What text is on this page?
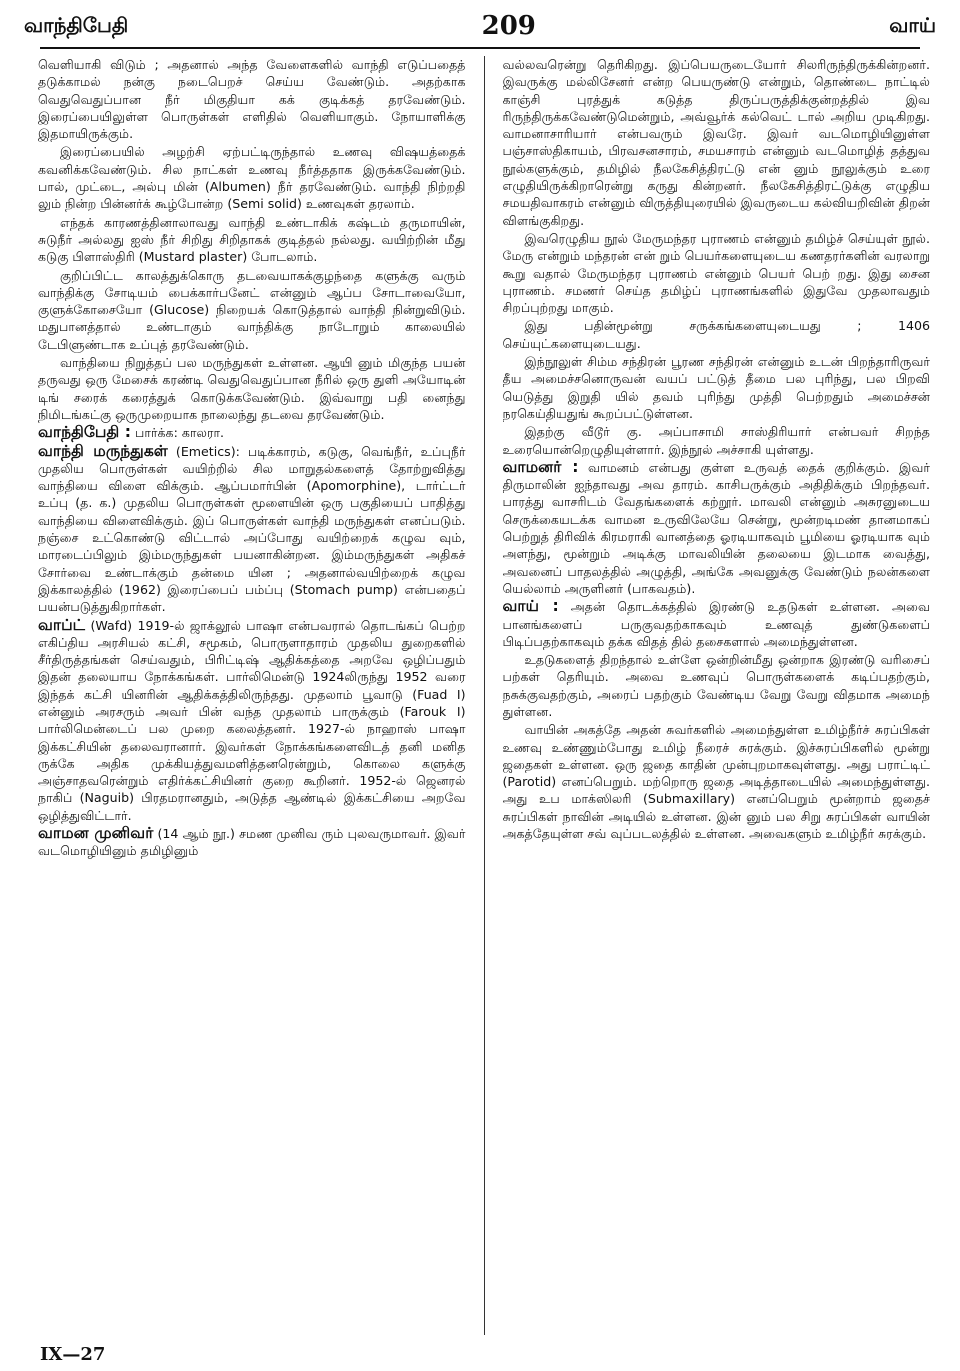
வாந்திபேதி	209	வாய்

வெளியாகி விடும் ; அதனால் அந்த வேளைகளில் வாந்தி எடுப்பதைத் தடுக்காமல் நன்கு நடைபெறச் செய்ய வேண்டும். அதற்காக வெதுவெதுப்பான நீர் மிகுதியா கக் குடிக்கத் தரவேண்டும். இரைப்பையிலுள்ள பொருள்கள் எளிதில் வெளியாகும். நோயாளிக்கு இதமாயிருக்கும்.

இரைப்பையில் அழற்சி ஏற்பட்டிருந்தால் உணவு விஷயத்தைக் கவனிக்கவேண்டும். சில நாட்கள் உணவு நீர்த்ததாக இருக்கவேண்டும். பால், முட்டை, அல்பு மின் (Albumen) நீர் தரவேண்டும். வாந்தி நிற்றதி லும் நின்ற பின்னர்க் கூழ்போன்ற (Semi solid) உணவுகள் தரலாம்.

எந்தக் காரணத்தினாலாவது வாந்தி உண்டாகிக் கஷ்டம் தருமாயின், சுடுநீர் அல்லது ஐஸ் நீர் சிறிது சிறிதாகக் குடித்தல் நல்லது. வயிற்றின் மீது கடுகு பிளாஸ்திரி (Mustard plaster) போடலாம்.

குறிப்பிட்ட காலத்துக்கொரு தடவையாகக்குழந்தை களுக்கு வரும் வாந்திக்கு சோடியம் பைக்கார்பனேட் என்னும் ஆப்ப சோடாவையோ, குளுக்கோசையோ (Glucose) நிறையக் கொடுத்தால் வாந்தி நின்றுவிடும். மதுபானத்தால் உண்டாகும் வாந்திக்கு நாடோறும் காலையில் டேபிளுண்டாக உப்புத் தரவேண்டும்.

வாந்தியை நிறுத்தப் பல மருந்துகள் உள்ளன. ஆயி னும் மிகுந்த பயன் தருவது ஒரு மேசைக் கரண்டி வெதுவெதுப்பான நீரில் ஒரு துளி அயோடின் டிங் சரைக் கரைத்துக் கொடுக்கவேண்டும். இவ்வாறு பதி னைந்து நிமிடங்கட்கு ஒருமுறையாக நாலைந்து தடவை தரவேண்டும்.

வாந்திபேதி : பார்க்க: காலரா.

வாந்தி மருந்துகள் (Emetics): படிக்காரம், கடுகு, வெங்நீர், உப்புநீர் முதலிய பொருள்கள் வயிற்றில் சில மாறுதல்களைத் தோற்றுவித்து வாந்தியை விளை விக்கும். ஆப்பமார்பின் (Apomorphine), டார்ட்டர் உப்பு (த. க.) முதலிய பொருள்கள் மூளையின் ஒரு பகுதியைப் பாதித்து வாந்தியை விளைவிக்கும். இப் பொருள்கள் வாந்தி மருந்துகள் எனப்படும். நஞ்சை உட்கொண்டு விட்டால் அப்போது வயிற்றைக் கழுவ வும், மாரடைப்பிலும் இம்மருந்துகள் பயனாகின்றன. இம்மருந்துகள் அதிகச் சோர்வை உண்டாக்கும் தன்மை யின ; அதனால்வயிற்றைக் கழுவ இக்காலத்தில் (1962) இரைப்பைப் பம்ப்பு (Stomach pump) என்பதைப் பயன்படுத்துகிறார்கள்.

வாப்ட் (Wafd) 1919-ல் ஜாக்லூல் பாஷா என்பவரால் தொடங்கப் பெற்ற எகிப்திய அரசியல் கட்சி, சமூகம், பொருளாதாரம் முதலிய துறைகளில் சீர்திருத்தங்கள் செய்வதும், பிரிட்டிஷ் ஆதிக்கத்தை அறவே ஒழிப்பதும் இதன் தலையாய நோக்கங்கள். பார்லிமென்டு 1924லிருந்து 1952 வரை இந்தக் கட்சி யினரின் ஆதிக்கத்திலிருந்தது. முதலாம் பூவாடு (Fuad I) என்னும் அரசரும் அவர் பின் வந்த முதலாம் பாருக்கும் (Farouk I) பார்லிமென்டைப் பல முறை கலைத்தனர். 1927-ல் நாஹாஸ் பாஷா இக்கட்சியின் தலைவரானார். இவர்கள் நோக்கங்களைவிடத் தனி மனித ருக்கே அதிக முக்கியத்துவமளித்தனரென்றும், கொலை களுக்கு அஞ்சாதவரென்றும் எதிர்க்கட்சியினர் குறை கூறினர். 1952-ல் ஜெனரல் நாகிப் (Naguib) பிரதமரானதும், அடுத்த ஆண்டில் இக்கட்சியை அறவே ஒழித்துவிட்டார்.

வாமன முனிவர் (14 ஆம் நூ.) சமண முனிவ ரும் புலவருமாவர். இவர் வடமொழியினும் தமிழினும்

வல்லவரென்று தெரிகிறது. இப்பெயருடையோர் சிலரிருந்திருக்கின்றனர். இவருக்கு மல்லிசேனர் என்ற பெயருண்டு என்றும், தொண்டை நாட்டில் காஞ்சி புரத்துக் கடுத்த திருப்பருத்திக்குன்றத்தில் இவ ரிருந்திருக்கவேண்டுமென்றும், அவ்வூர்க் கல்வெட் டால் அறிய முடிகிறது. வாமனாசாரியார் என்பவரும் இவரே. இவர் வடமொழியினுள்ள பஞ்சாஸ்திகாயம், பிரவசனசாரம், சமயசாரம் என்னும் வடமொழித் தத்துவ நூல்களுக்கும், தமிழில் நீலகேசித்திரட்டு என் னும் நூலுக்கும் உரை எழுதியிருக்கிறாரென்று கருது கின்றனர். நீலகேசித்திரட்டுக்கு எழுதிய சமயதிவாகரம் என்னும் விருத்தியுரையில் இவருடைய கல்வியறிவின் திறன் விளங்குகிறது.

இவரெழுதிய நூல் மேருமந்தர புராணம் என்னும் தமிழ்ச் செய்யுள் நூல். மேரு என்றும் மந்தரன் என் றும் பெயர்களையுடைய கணதரர்களின் வரலாறு கூறு வதால் மேருமந்தர புராணம் என்னும் பெயர் பெற் றது. இது சைன புராணம். சமணர் செய்த தமிழ்ப் புராணங்களில் இதுவே முதலாவதும் சிறப்புற்றது மாகும்.

இது பதின்மூன்று சருக்கங்களையுடையது ; 1406 செய்யுட்களையுடையது.

இந்நூலுள் சிம்ம சந்திரன் பூரண சந்திரன் என்னும் உடன் பிறந்தாரிருவர் தீய அமைச்சனொருவன் வயப் பட்டுத் தீமை பல புரிந்து, பல பிறவி யெடுத்து இறுதி யில் தவம் புரிந்து முத்தி பெற்றதும் அமைச்சன் நரகெய்தியதுங் கூறப்பட்டுள்ளன.

இதற்கு வீடூர் கு. அப்பாசாமி சாஸ்திரியார் என்பவர் சிறந்த உரையொன்றெழுதியுள்ளார். இந்நூல் அச்சாகி யுள்ளது.

வாமனர் : வாமனம் என்பது குள்ள உருவத் தைக் குறிக்கும். இவர் திருமாலின் ஐந்தாவது அவ தாரம். காசிபருக்கும் அதிதிக்கும் பிறந்தவர். பாரத்து வாசரிடம் வேதங்களைக் கற்றூர். மாவலி என்னும் அசுரனுடைய செருக்கையடக்க வாமன உருவிலேயே சென்று, மூன்றடிமண் தானமாகப் பெற்றுத் திரிவிக் கிரமராகி வானத்தை ஓரடியாகவும் பூமியை ஓரடியாக வும் அளந்து, மூன்றும் அடிக்கு மாவலியின் தலையை இடமாக வைத்து, அவனைப் பாதலத்தில் அழுத்தி, அங்கே அவனுக்கு வேண்டும் நலன்களை யெல்லாம் அருளினர் (பாகவதம்).

வாய் : அதன் தொடக்கத்தில் இரண்டு உதடுகள் உள்ளன. அவை பானங்களைப் பருகுவதற்காகவும் உணவுத் துண்டுகளைப் பிடிப்பதற்காகவும் தக்க விதத் தில் தசைகளால் அமைந்துள்ளன.

உதடுகளைத் திறந்தால் உள்ளே ஒன்றின்மீது ஒன்றாக இரண்டு வரிசைப் பற்கள் தெரியும். அவை உணவுப் பொருள்களைக் கடிப்பதற்கும், நசுக்குவதற்கும், அரைப் பதற்கும் வேண்டிய வேறு வேறு விதமாக அமைந் துள்ளன.

வாயின் அகத்தே அதன் சுவர்களில் அமைந்துள்ள உமிழ்நீர்ச் சுரப்பிகள் உணவு உண்ணும்போது உமிழ் நீரைச் சுரக்கும். இச்சுரப்பிகளில் மூன்று ஜதைகள் உள்ளன. ஒரு ஜதை காதின் முன்புறமாகவுள்ளது. அது பராட்டிட் (Parotid) எனப்பெறும். மற்றொரு ஜதை அடித்தாடையில் அமைந்துள்ளது. அது உப மாக்ஸிலரி (Submaxillary) எனப்பெறும் மூன்றாம் ஜதைச் சுரப்பிகள் நாவின் அடியில் உள்ளன. இன் னும் பல சிறு சுரப்பிகள் வாயின் அகத்தேயுள்ள சவ் வுப்படலத்தில் உள்ளன. அவைகளும் உமிழ்நீர் சுரக்கும்.

IX—27
